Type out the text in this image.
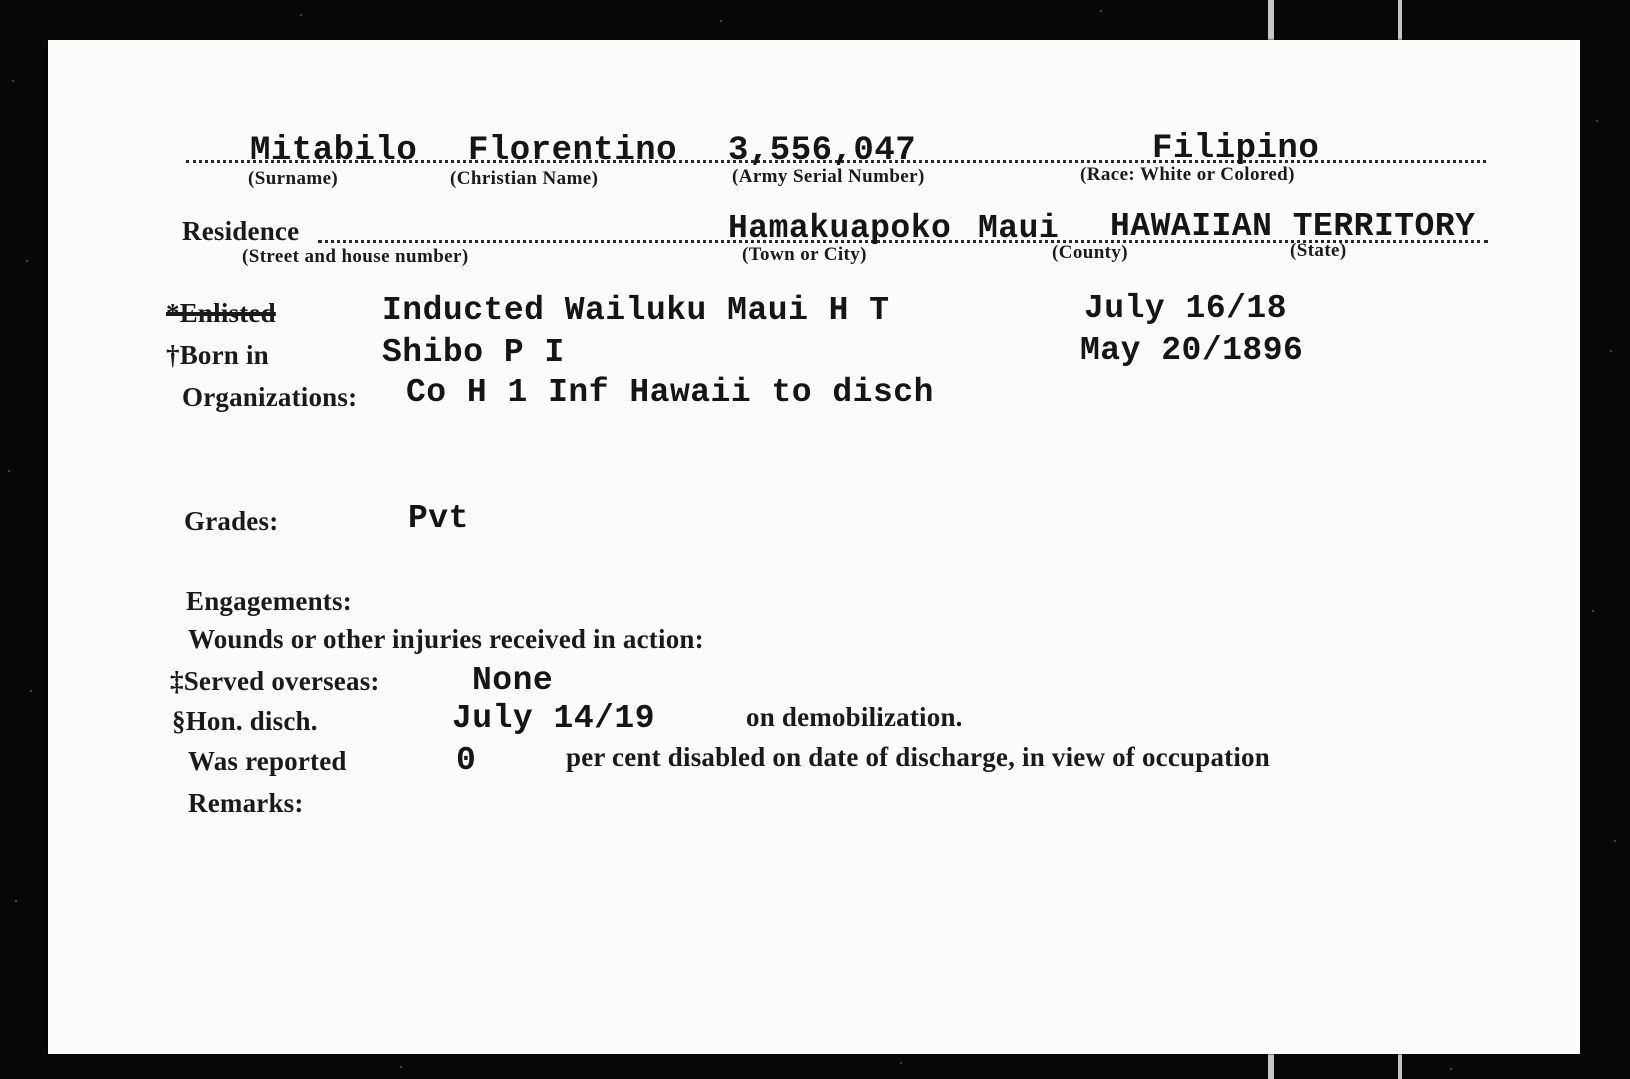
Mitabilo Florentino 3,556,047	Filipino
(Surname)	(Christian Name)	(Army Serial Number)	(Race: White or Colored)
Residence	Hamakuapoko Maui HAWAIIAN TERRITORY
(Street and house number)	(Town or City)	(County)	(State)
*Enlisted	Inducted Wailuku Maui H T	July 16/18
†Born in	Shibo P I	May 20/1896
Organizations: Co H 1 Inf Hawaii to disch
Grades:	Pvt
Engagements:
Wounds or other injuries received in action:
‡Served overseas:	None
§Hon. disch.	July 14/19	on demobilization.
Was reported	0	per cent disabled on date of discharge, in view of occupation
Remarks:
